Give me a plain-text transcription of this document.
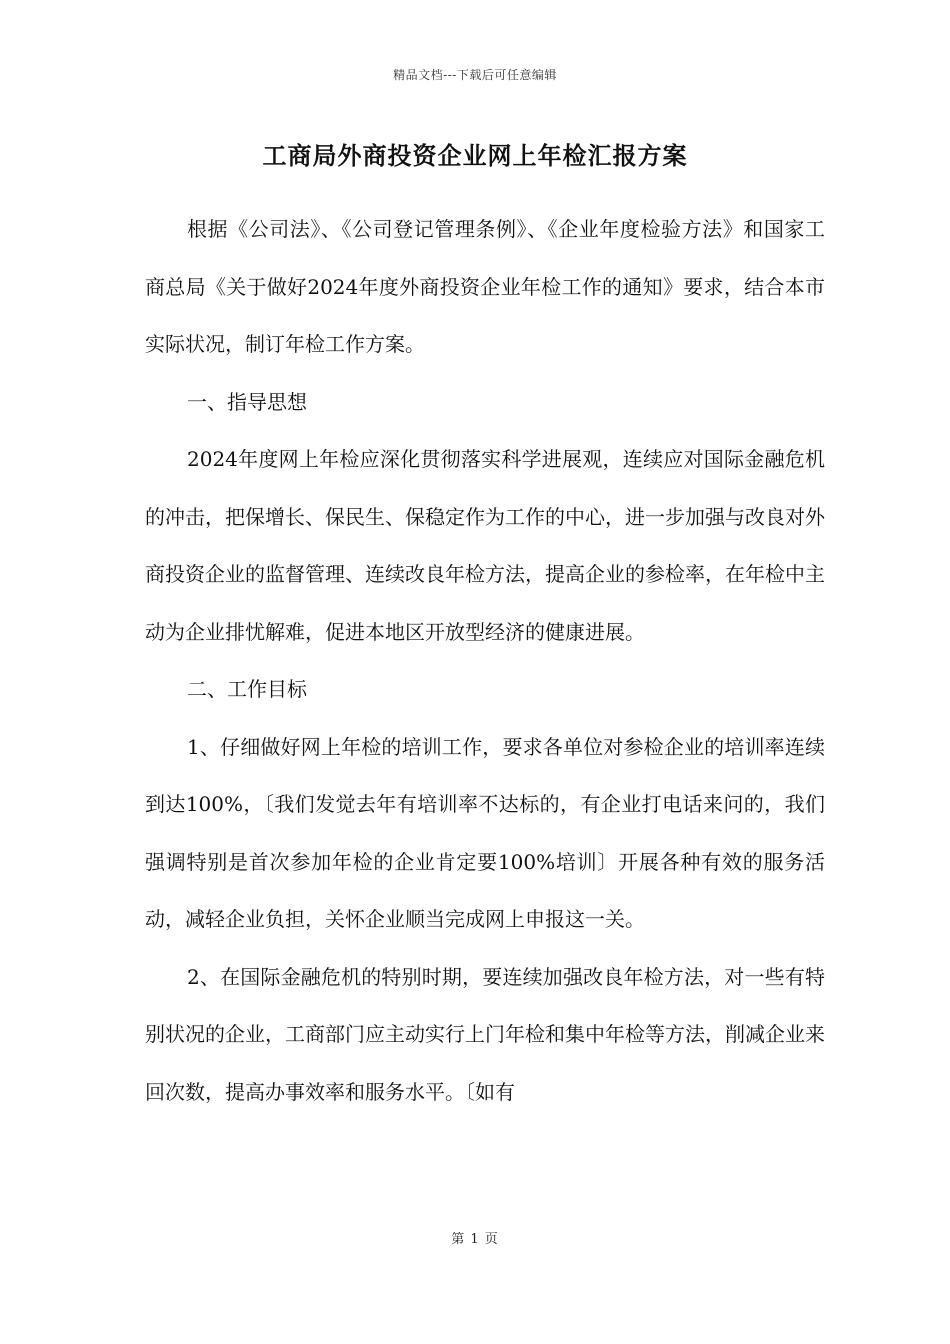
精品文档---下载后可任意编辑
工商局外商投资企业网上年检汇报方案

根据《公司法》、《公司登记管理条例》、《企业年度检验方法》和国家工商总局《关于做好2024年度外商投资企业年检工作的通知》要求，结合本市实际状况，制订年检工作方案。

一、指导思想

2024年度网上年检应深化贯彻落实科学进展观，连续应对国际金融危机的冲击，把保增长、保民生、保稳定作为工作的中心，进一步加强与改良对外商投资企业的监督管理、连续改良年检方法，提高企业的参检率，在年检中主动为企业排忧解难，促进本地区开放型经济的健康进展。

二、工作目标

1、仔细做好网上年检的培训工作，要求各单位对参检企业的培训率连续到达100%，〔我们发觉去年有培训率不达标的，有企业打电话来问的，我们强调特别是首次参加年检的企业肯定要100%培训〕开展各种有效的服务活动，减轻企业负担，关怀企业顺当完成网上申报这一关。

2、在国际金融危机的特别时期，要连续加强改良年检方法，对一些有特别状况的企业，工商部门应主动实行上门年检和集中年检等方法，削减企业来回次数，提高办事效率和服务水平。〔如有

第 1 页
